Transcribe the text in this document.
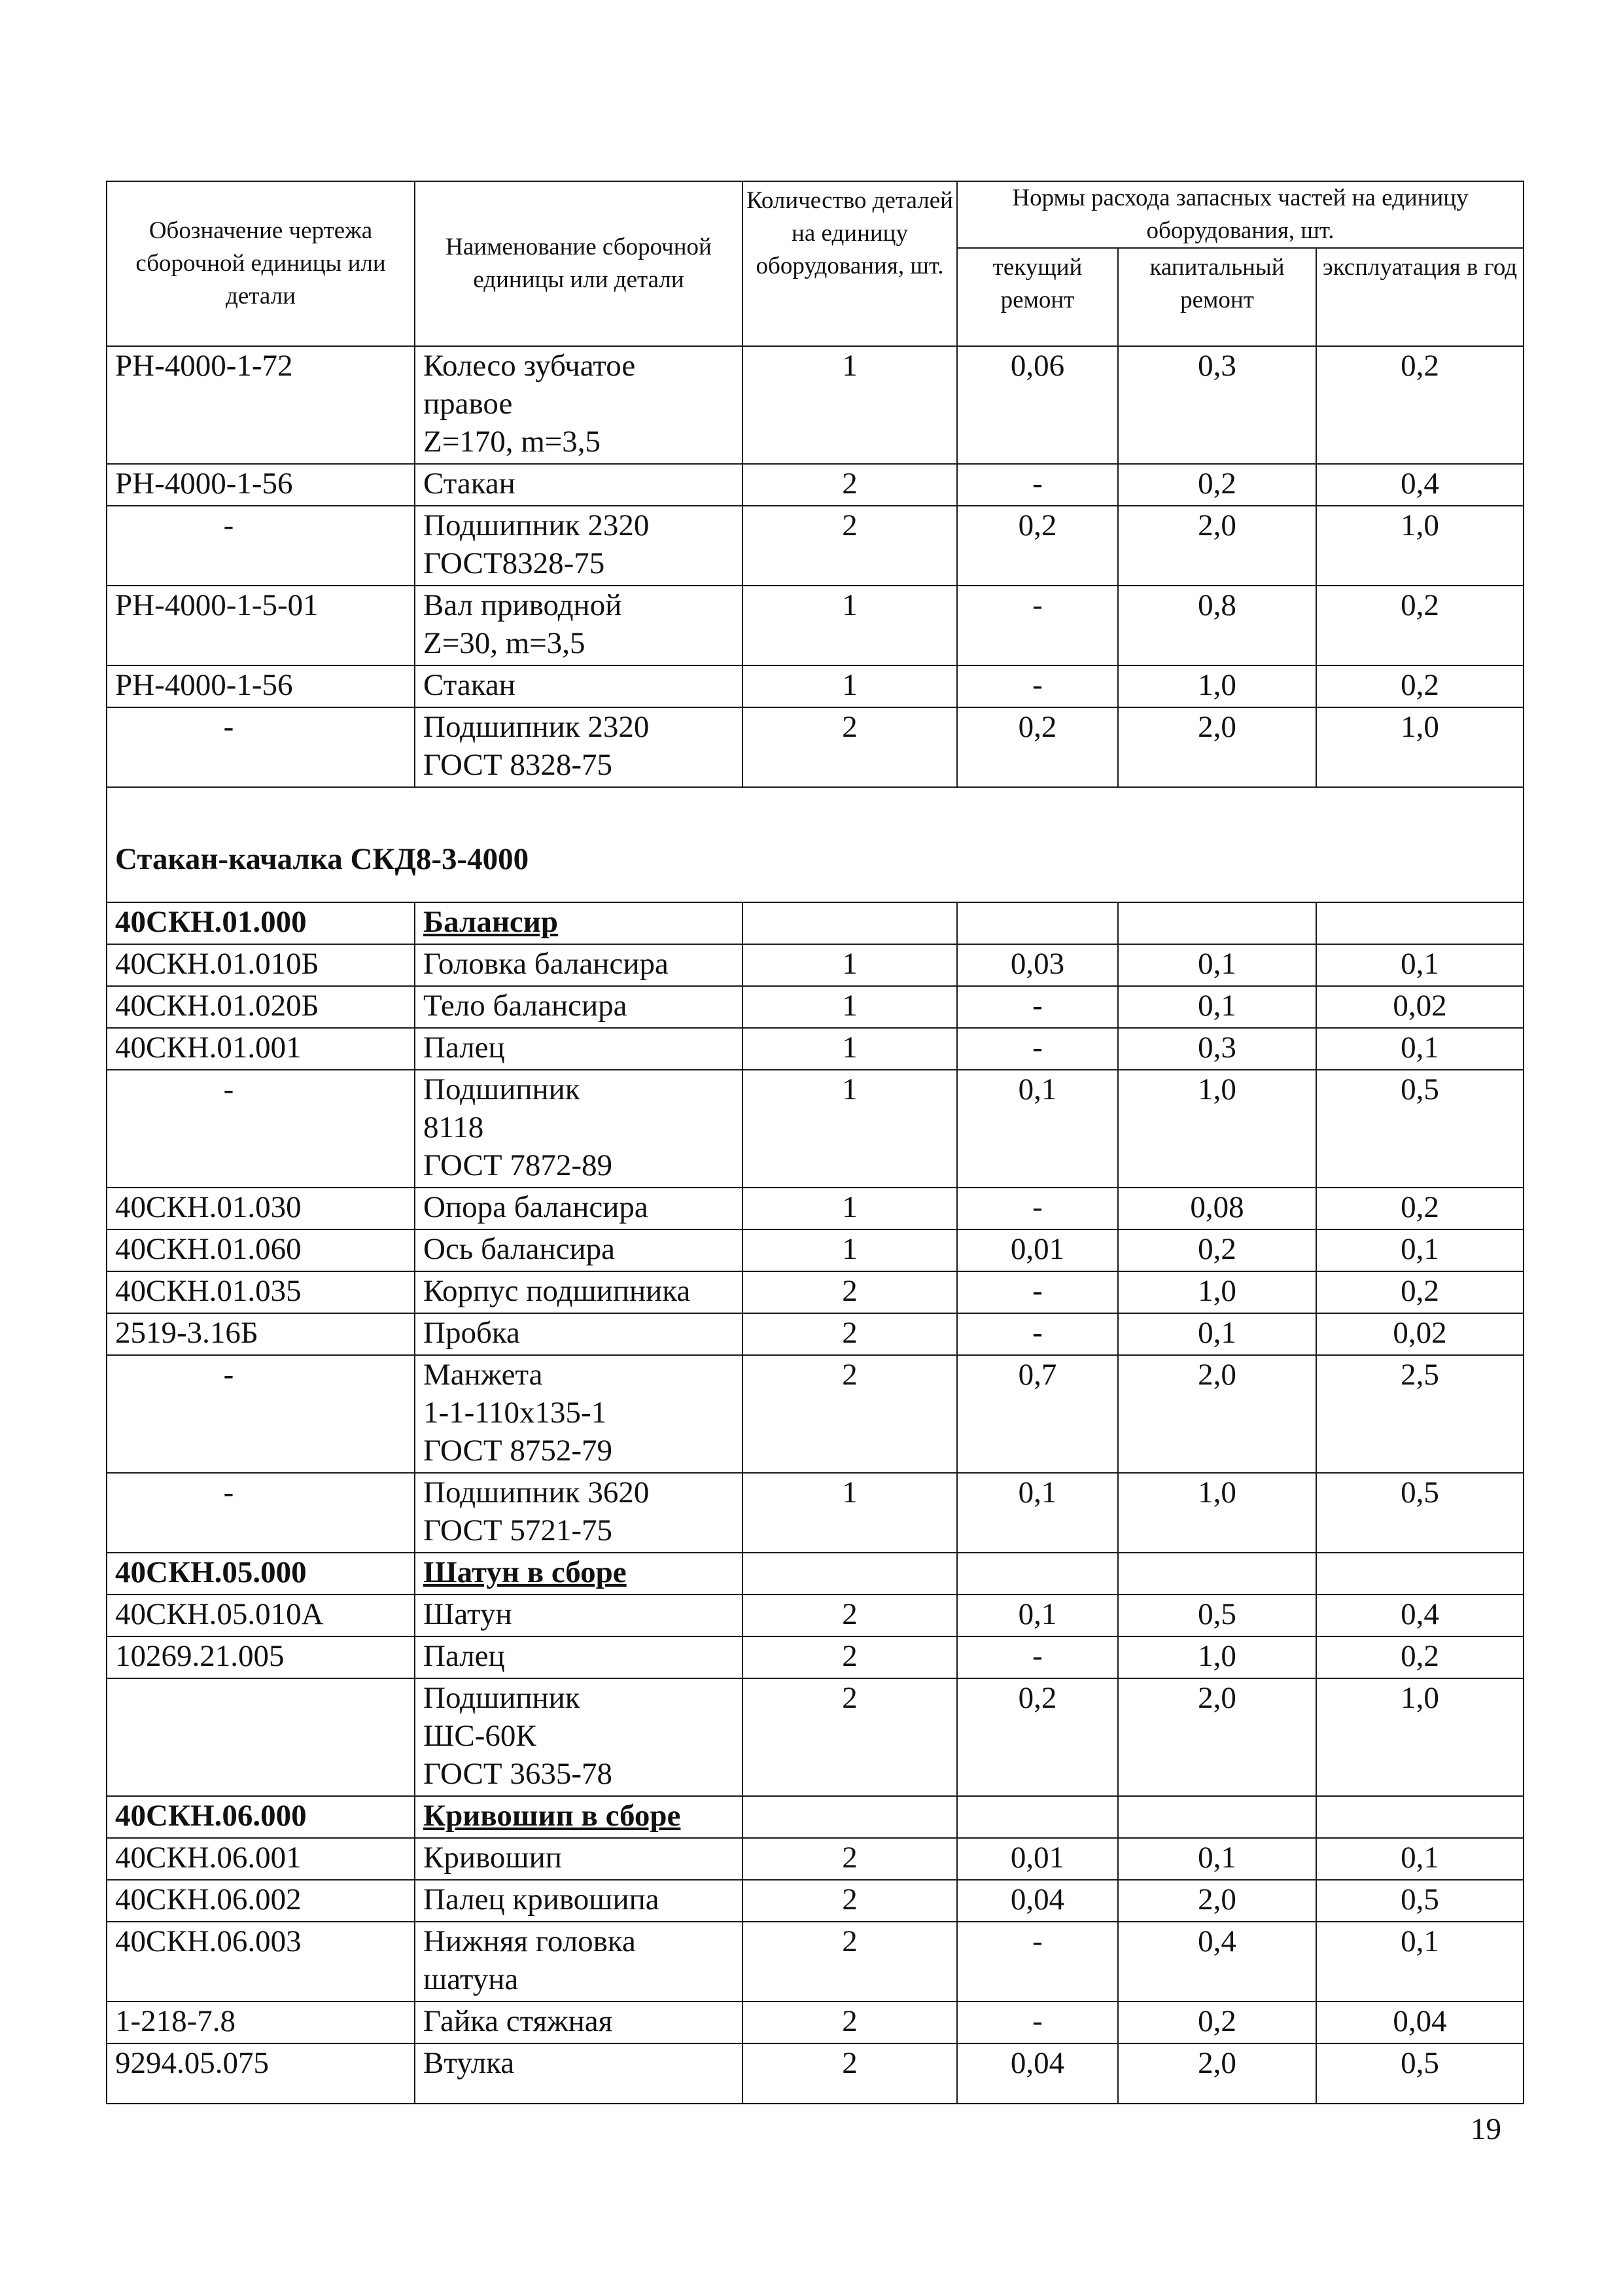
Обозначение чертежа сборочной единицы или детали	Наименование сборочной единицы или детали	Количество деталей на единицу оборудования, шт.	Нормы расхода запасных частей на единицу оборудования, шт.		
			текущий ремонт	капитальный ремонт	эксплуатация в год
РН-4000-1-72	Колесо зубчатое
правое
Z=170, m=3,5	1	0,06	0,3	0,2
РН-4000-1-56	Стакан	2	-	0,2	0,4
-	Подшипник 2320
ГОСТ8328-75	2	0,2	2,0	1,0
РН-4000-1-5-01	Вал приводной
Z=30, m=3,5	1	-	0,8	0,2
РН-4000-1-56	Стакан	1	-	1,0	0,2
-	Подшипник 2320
ГОСТ 8328-75	2	0,2	2,0	1,0
Стакан-качалка СКД8-3-4000					
40СКН.01.000	Балансир				
40СКН.01.010Б	Головка балансира	1	0,03	0,1	0,1
40СКН.01.020Б	Тело балансира	1	-	0,1	0,02
40СКН.01.001	Палец	1	-	0,3	0,1
-	Подшипник
8118
ГОСТ 7872-89	1	0,1	1,0	0,5
40СКН.01.030	Опора балансира	1	-	0,08	0,2
40СКН.01.060	Ось балансира	1	0,01	0,2	0,1
40СКН.01.035	Корпус подшипника	2	-	1,0	0,2
2519-3.16Б	Пробка	2	-	0,1	0,02
-	Манжета
1-1-110х135-1
ГОСТ 8752-79	2	0,7	2,0	2,5
-	Подшипник 3620
ГОСТ 5721-75	1	0,1	1,0	0,5
40СКН.05.000	Шатун в сборе				
40СКН.05.010А	Шатун	2	0,1	0,5	0,4
10269.21.005	Палец	2	-	1,0	0,2
	Подшипник
ШС-60К
ГОСТ 3635-78	2	0,2	2,0	1,0
40СКН.06.000	Кривошип в сборе				
40СКН.06.001	Кривошип	2	0,01	0,1	0,1
40СКН.06.002	Палец кривошипа	2	0,04	2,0	0,5
40СКН.06.003	Нижняя головка
шатуна	2	-	0,4	0,1
1-218-7.8	Гайка стяжная	2	-	0,2	0,04
9294.05.075	Втулка	2	0,04	2,0	0,5
19
